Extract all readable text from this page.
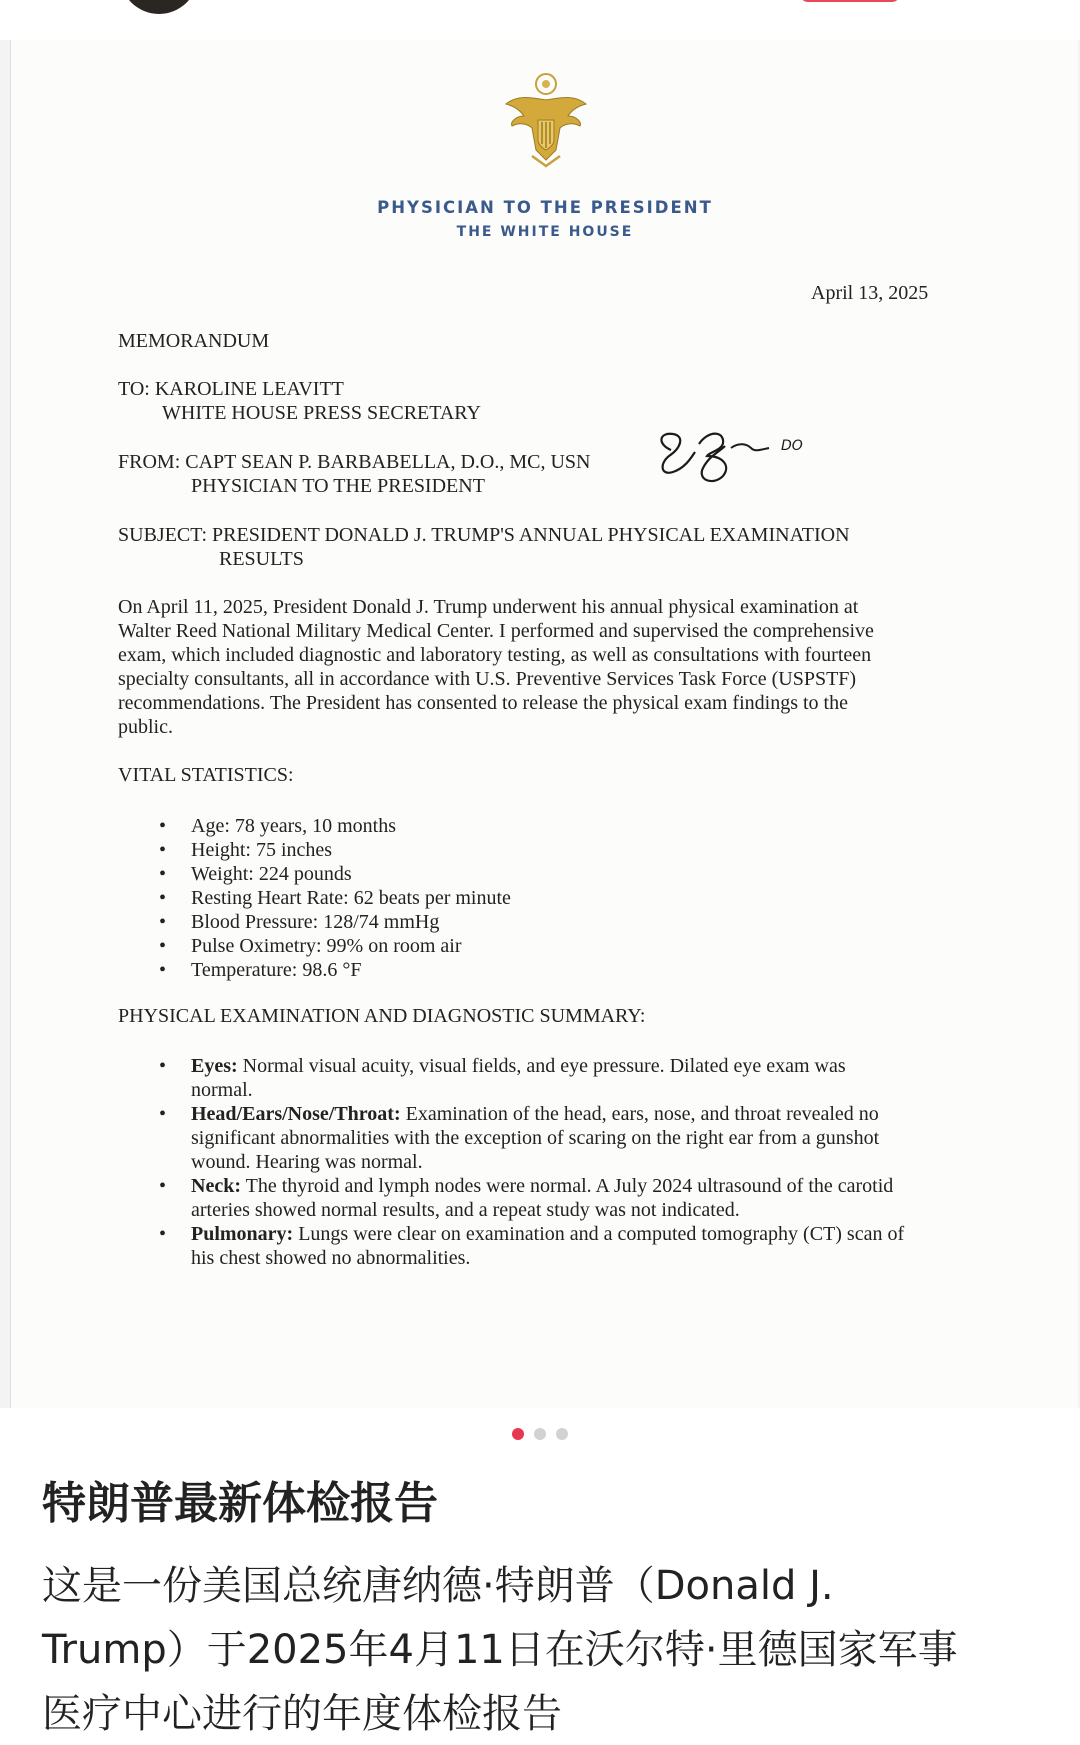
PHYSICIAN TO THE PRESIDENT
THE WHITE HOUSE
April 13, 2025
MEMORANDUM
TO: KAROLINE LEAVITT
WHITE HOUSE PRESS SECRETARY
FROM: CAPT SEAN P. BARBABELLA, D.O., MC, USN
PHYSICIAN TO THE PRESIDENT
DO
SUBJECT: PRESIDENT DONALD J. TRUMP'S ANNUAL PHYSICAL EXAMINATION
RESULTS
On April 11, 2025, President Donald J. Trump underwent his annual physical examination at
Walter Reed National Military Medical Center. I performed and supervised the comprehensive
exam, which included diagnostic and laboratory testing, as well as consultations with fourteen
specialty consultants, all in accordance with U.S. Preventive Services Task Force (USPSTF)
recommendations. The President has consented to release the physical exam findings to the
public.
VITAL STATISTICS:
• Age: 78 years, 10 months
• Height: 75 inches
• Weight: 224 pounds
• Resting Heart Rate: 62 beats per minute
• Blood Pressure: 128/74 mmHg
• Pulse Oximetry: 99% on room air
• Temperature: 98.6 °F
PHYSICAL EXAMINATION AND DIAGNOSTIC SUMMARY:
• Eyes: Normal visual acuity, visual fields, and eye pressure. Dilated eye exam was
normal.
• Head/Ears/Nose/Throat: Examination of the head, ears, nose, and throat revealed no
significant abnormalities with the exception of scaring on the right ear from a gunshot
wound. Hearing was normal.
• Neck: The thyroid and lymph nodes were normal. A July 2024 ultrasound of the carotid
arteries showed normal results, and a repeat study was not indicated.
• Pulmonary: Lungs were clear on examination and a computed tomography (CT) scan of
his chest showed no abnormalities.
特朗普最新体检报告
这是一份美国总统唐纳德·特朗普（Donald J.
Trump）于2025年4月11日在沃尔特·里德国家军事
医疗中心进行的年度体检报告
